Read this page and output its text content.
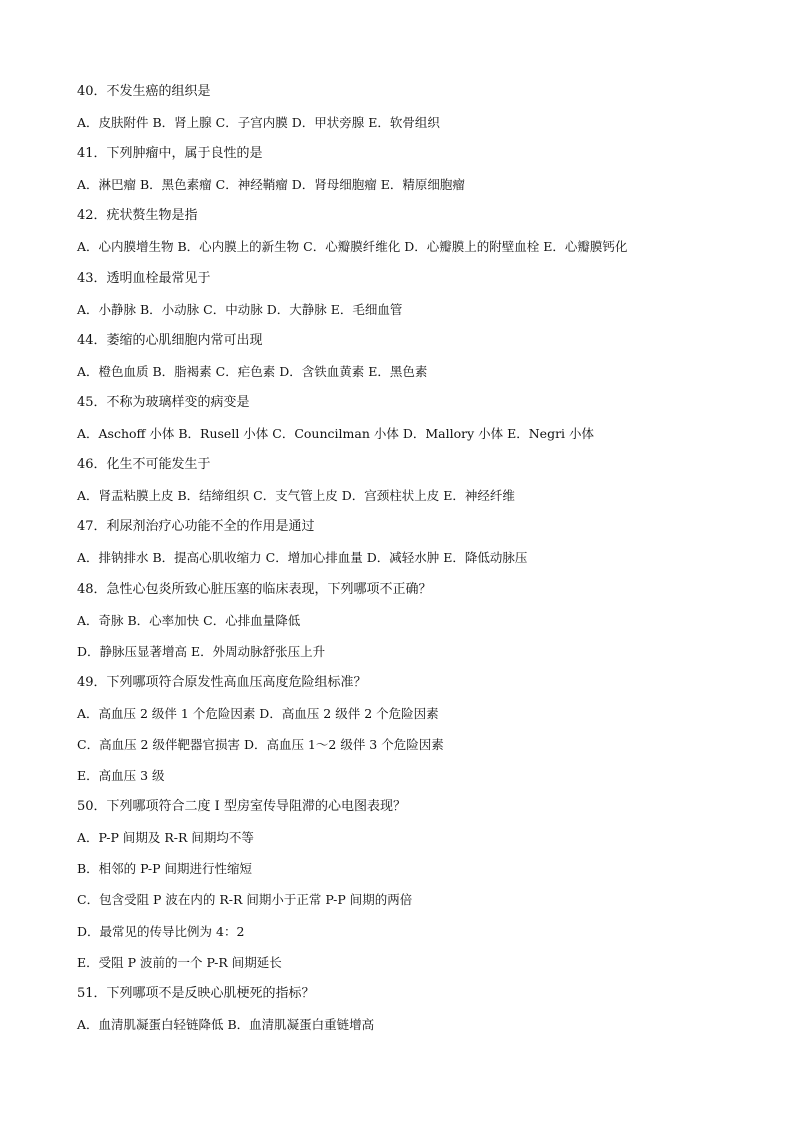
40．不发生癌的组织是
A．皮肤附件 B．肾上腺 C．子宫内膜 D．甲状旁腺 E．软骨组织
41．下列肿瘤中，属于良性的是
A．淋巴瘤 B．黑色素瘤 C．神经鞘瘤 D．肾母细胞瘤 E．精原细胞瘤
42．疣状赘生物是指
A．心内膜增生物 B．心内膜上的新生物 C．心瓣膜纤维化 D．心瓣膜上的附壁血栓 E．心瓣膜钙化
43．透明血栓最常见于
A．小静脉 B．小动脉 C．中动脉 D．大静脉 E．毛细血管
44．萎缩的心肌细胞内常可出现
A．橙色血质 B．脂褐素 C．疟色素 D．含铁血黄素 E．黑色素
45．不称为玻璃样变的病变是
A．Aschoff 小体 B．Rusell 小体 C．Councilman 小体 D．Mallory 小体 E．Negri 小体
46．化生不可能发生于
A．肾盂粘膜上皮 B．结缔组织 C．支气管上皮 D．宫颈柱状上皮 E．神经纤维
47．利尿剂治疗心功能不全的作用是通过
A．排钠排水 B．提高心肌收缩力 C．增加心排血量 D．减轻水肿 E．降低动脉压
48．急性心包炎所致心脏压塞的临床表现，下列哪项不正确？
A．奇脉 B．心率加快 C．心排血量降低
D．静脉压显著增高 E．外周动脉舒张压上升
49．下列哪项符合原发性高血压高度危险组标准？
A．高血压 2 级伴 1 个危险因素 D．高血压 2 级伴 2 个危险因素
C．高血压 2 级伴靶器官损害 D．高血压 1～2 级伴 3 个危险因素
E．高血压 3 级
50．下列哪项符合二度 I 型房室传导阻滞的心电图表现？
A．P-P 间期及 R-R 间期均不等
B．相邻的 P-P 间期进行性缩短
C．包含受阻 P 波在内的 R-R 间期小于正常 P-P 间期的两倍
D．最常见的传导比例为 4：2
E．受阻 P 波前的一个 P-R 间期延长
51．下列哪项不是反映心肌梗死的指标？
A．血清肌凝蛋白轻链降低 B．血清肌凝蛋白重链增高
